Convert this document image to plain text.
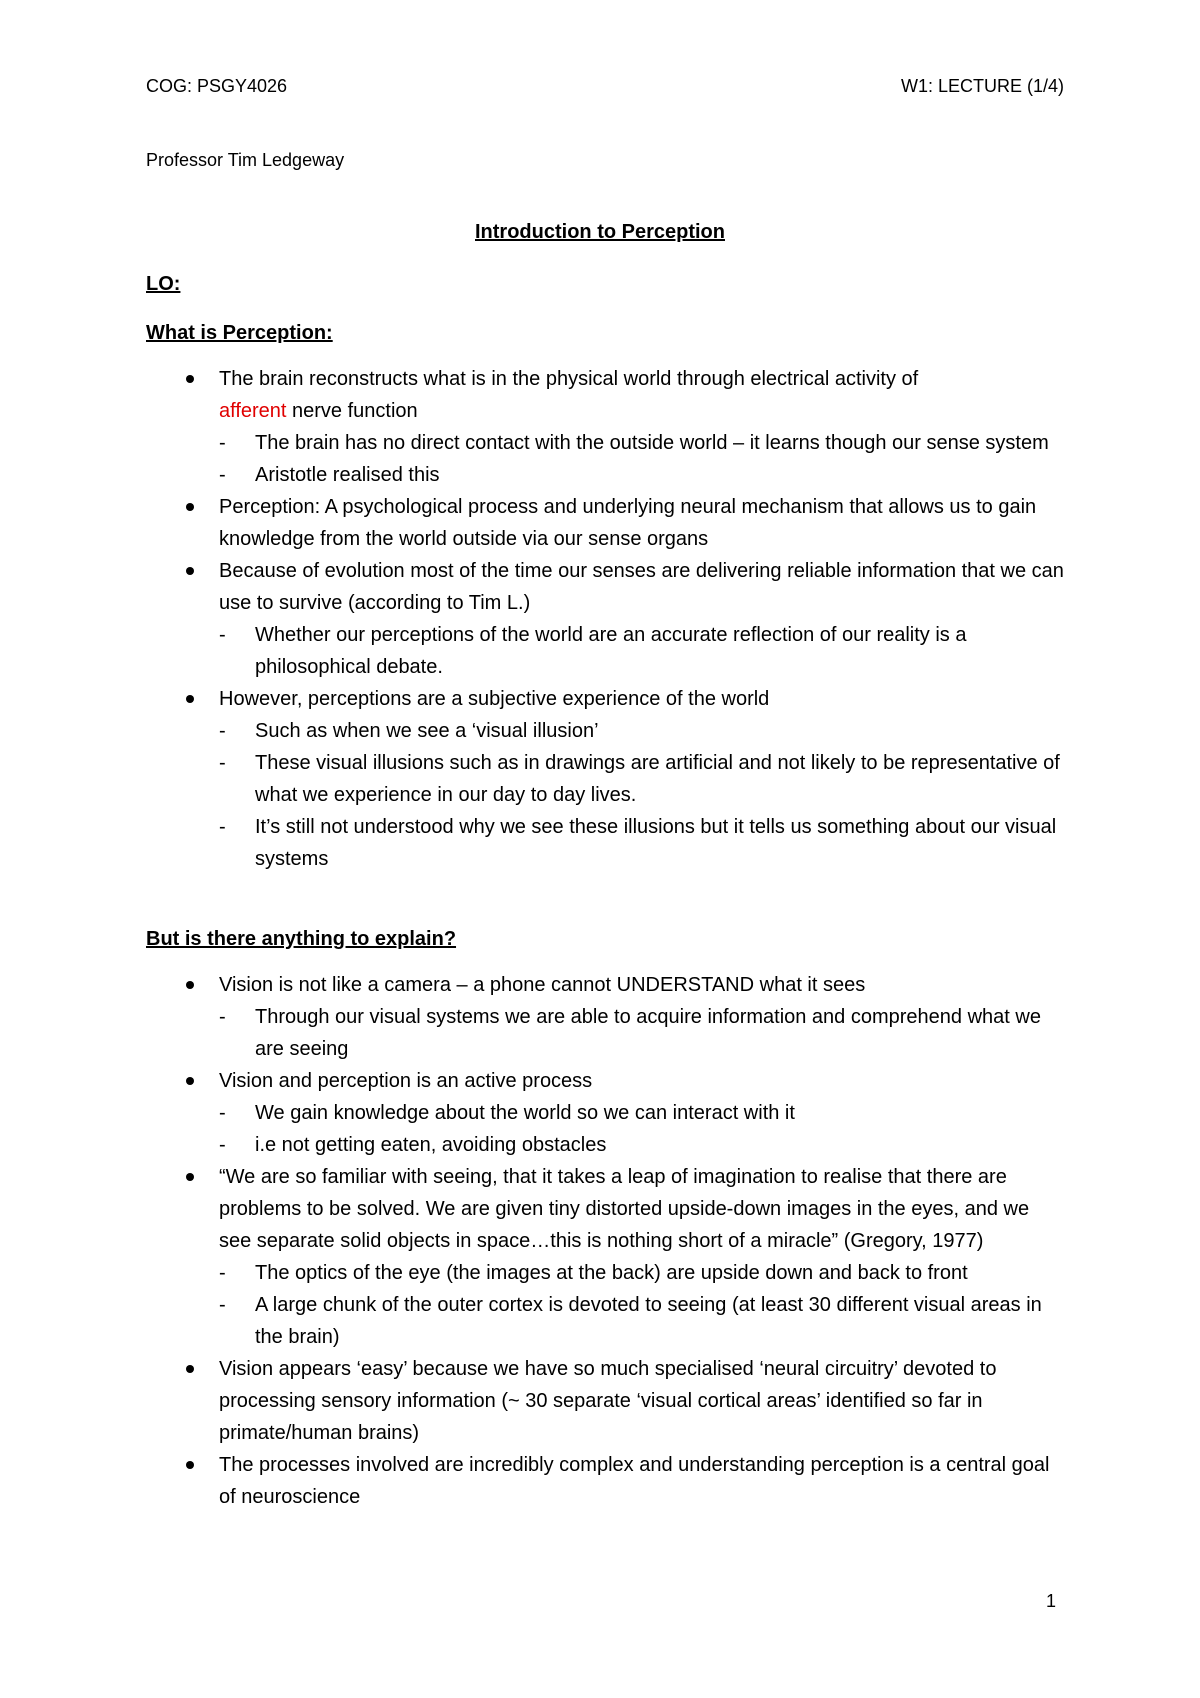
COG: PSGY4026	W1: LECTURE (1/4)
Professor Tim Ledgeway
Introduction to Perception
LO:
What is Perception:
The brain reconstructs what is in the physical world through electrical activity of
afferent nerve function
- The brain has no direct contact with the outside world – it learns though our sense system
- Aristotle realised this
Perception: A psychological process and underlying neural mechanism that allows us to gain knowledge from the world outside via our sense organs
Because of evolution most of the time our senses are delivering reliable information that we can use to survive (according to Tim L.)
- Whether our perceptions of the world are an accurate reflection of our reality is a philosophical debate.
However, perceptions are a subjective experience of the world
- Such as when we see a ‘visual illusion’
- These visual illusions such as in drawings are artificial and not likely to be representative of what we experience in our day to day lives.
- It’s still not understood why we see these illusions but it tells us something about our visual systems
But is there anything to explain?
Vision is not like a camera – a phone cannot UNDERSTAND what it sees
- Through our visual systems we are able to acquire information and comprehend what we are seeing
Vision and perception is an active process
- We gain knowledge about the world so we can interact with it
- i.e not getting eaten, avoiding obstacles
“We are so familiar with seeing, that it takes a leap of imagination to realise that there are problems to be solved. We are given tiny distorted upside-down images in the eyes, and we see separate solid objects in space…this is nothing short of a miracle” (Gregory, 1977)
- The optics of the eye (the images at the back) are upside down and back to front
- A large chunk of the outer cortex is devoted to seeing (at least 30 different visual areas in the brain)
Vision appears ‘easy’ because we have so much specialised ‘neural circuitry’ devoted to processing sensory information (~ 30 separate ‘visual cortical areas’ identified so far in primate/human brains)
The processes involved are incredibly complex and understanding perception is a central goal of neuroscience
1
